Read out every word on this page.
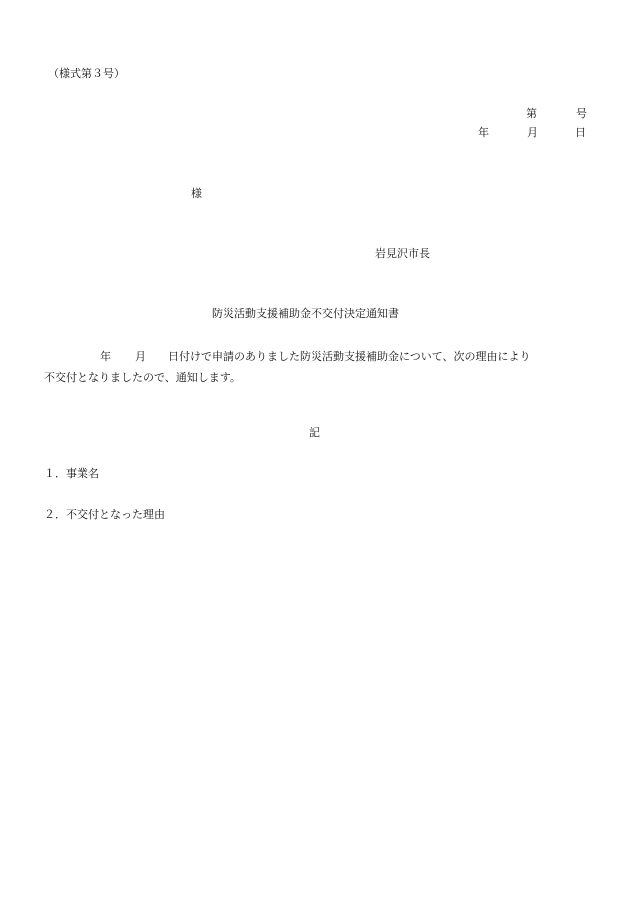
（様式第３号）
第	号
年	月	日
様
岩見沢市長
防災活動支援補助金不交付決定通知書
年 月 日付けで申請のありました防災活動支援補助金について、次の理由により
不交付となりましたので、通知します。
記
１．事業名
２．不交付となった理由
